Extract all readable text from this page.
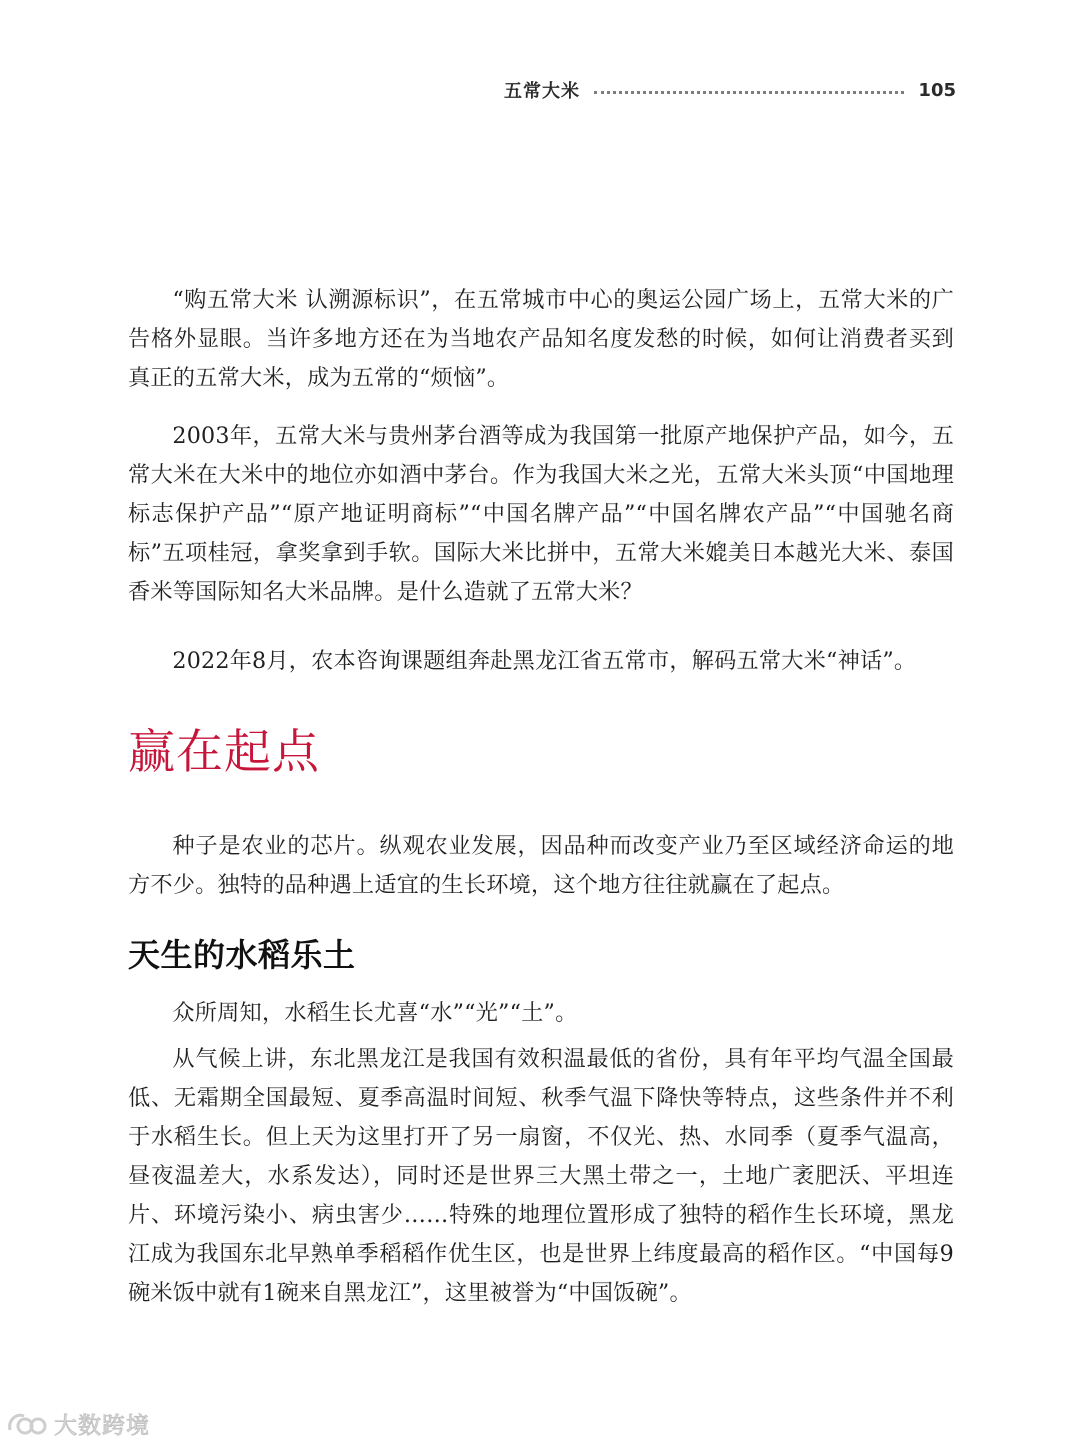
五常大米	105

“购五常大米 认溯源标识”，在五常城市中心的奥运公园广场上，五常大米的广告格外显眼。当许多地方还在为当地农产品知名度发愁的时候，如何让消费者买到真正的五常大米，成为五常的“烦恼”。

2003年，五常大米与贵州茅台酒等成为我国第一批原产地保护产品，如今，五常大米在大米中的地位亦如酒中茅台。作为我国大米之光，五常大米头顶“中国地理标志保护产品”“原产地证明商标”“中国名牌产品”“中国名牌农产品”“中国驰名商标”五项桂冠，拿奖拿到手软。国际大米比拼中，五常大米媲美日本越光大米、泰国香米等国际知名大米品牌。是什么造就了五常大米？

2022年8月，农本咨询课题组奔赴黑龙江省五常市，解码五常大米“神话”。

赢在起点

种子是农业的芯片。纵观农业发展，因品种而改变产业乃至区域经济命运的地方不少。独特的品种遇上适宜的生长环境，这个地方往往就赢在了起点。

天生的水稻乐土

众所周知，水稻生长尤喜“水”“光”“土”。

从气候上讲，东北黑龙江是我国有效积温最低的省份，具有年平均气温全国最低、无霜期全国最短、夏季高温时间短、秋季气温下降快等特点，这些条件并不利于水稻生长。但上天为这里打开了另一扇窗，不仅光、热、水同季（夏季气温高，昼夜温差大，水系发达），同时还是世界三大黑土带之一，土地广袤肥沃、平坦连片、环境污染小、病虫害少……特殊的地理位置形成了独特的稻作生长环境，黑龙江成为我国东北早熟单季稻稻作优生区，也是世界上纬度最高的稻作区。“中国每9碗米饭中就有1碗来自黑龙江”，这里被誉为“中国饭碗”。

大数跨境
